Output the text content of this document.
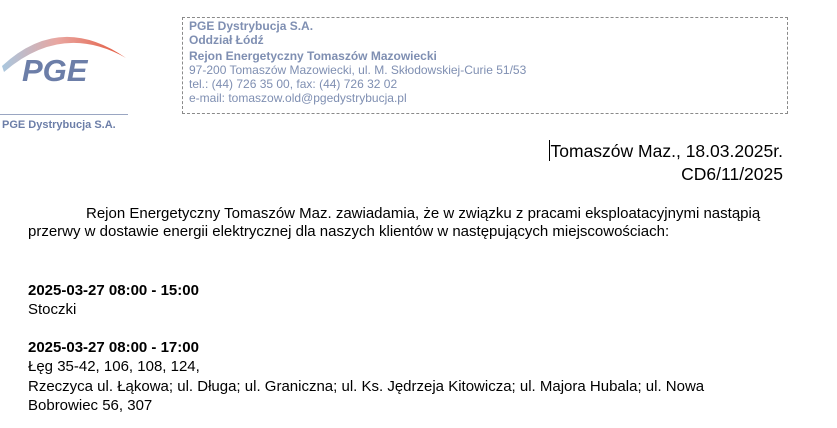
PGE
PGE Dystrybucja S.A.
PGE Dystrybucja S.A.
Oddział Łódź
Rejon Energetyczny Tomaszów Mazowiecki
97-200 Tomaszów Mazowiecki, ul. M. Skłodowskiej-Curie 51/53
tel.: (44) 726 35 00, fax: (44) 726 32 02
e-mail: tomaszow.old@pgedystrybucja.pl
Tomaszów Maz., 18.03.2025r.
CD6/11/2025
Rejon Energetyczny Tomaszów Maz. zawiadamia, że w związku z pracami eksploatacyjnymi nastąpią przerwy w dostawie energii elektrycznej dla naszych klientów w następujących miejscowościach:
2025-03-27 08:00 - 15:00
Stoczki
2025-03-27 08:00 - 17:00
Łęg 35-42, 106, 108, 124,
Rzeczyca ul. Łąkowa; ul. Długa; ul. Graniczna; ul. Ks. Jędrzeja Kitowicza; ul. Majora Hubala; ul. Nowa
Bobrowiec 56, 307
